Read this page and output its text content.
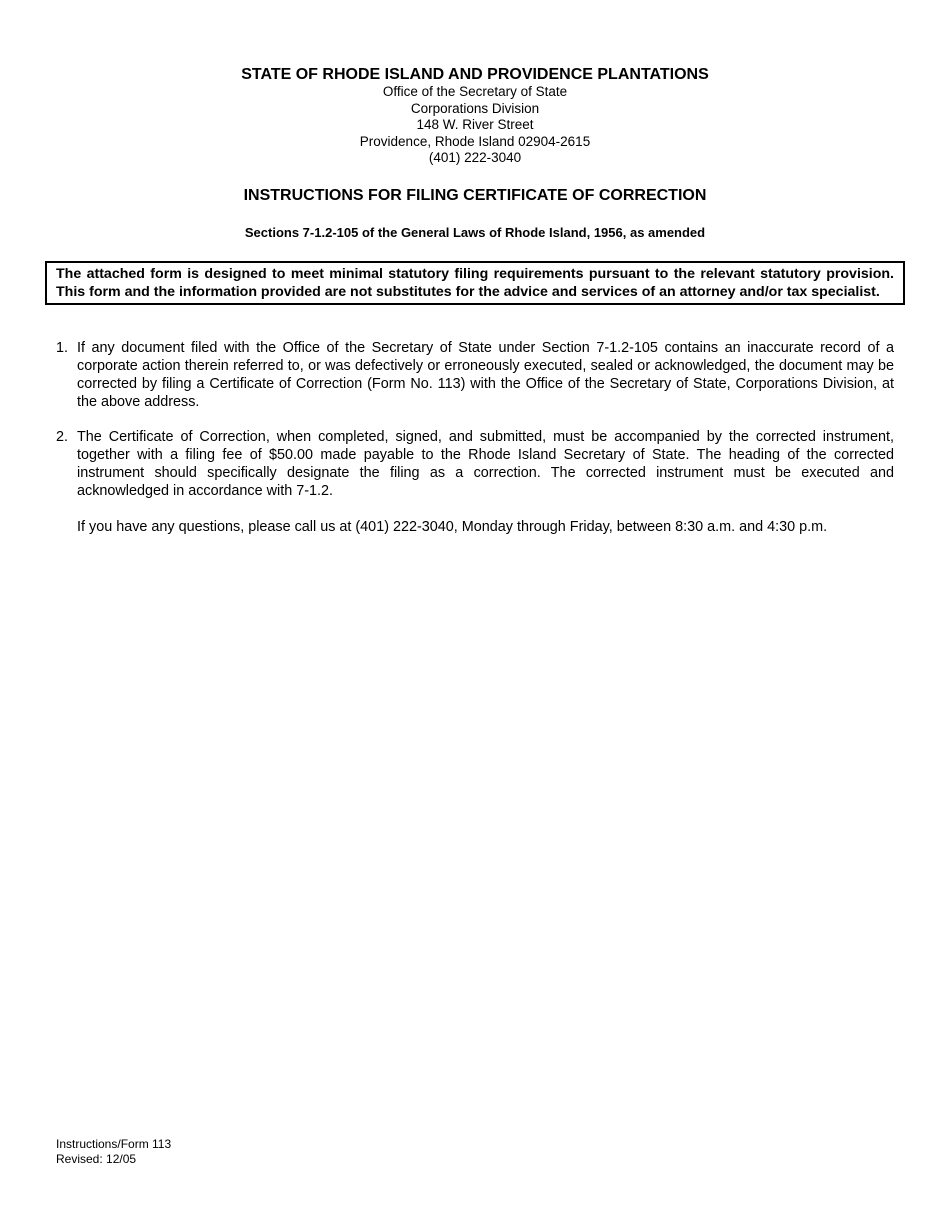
STATE OF RHODE ISLAND AND PROVIDENCE PLANTATIONS
Office of the Secretary of State
Corporations Division
148 W. River Street
Providence, Rhode Island 02904-2615
(401) 222-3040
INSTRUCTIONS FOR FILING CERTIFICATE OF CORRECTION
Sections 7-1.2-105 of the General Laws of Rhode Island, 1956, as amended
The attached form is designed to meet minimal statutory filing requirements pursuant to the relevant statutory provision. This form and the information provided are not substitutes for the advice and services of an attorney and/or tax specialist.
1. If any document filed with the Office of the Secretary of State under Section 7-1.2-105 contains an inaccurate record of a corporate action therein referred to, or was defectively or erroneously executed, sealed or acknowledged, the document may be corrected by filing a Certificate of Correction (Form No. 113) with the Office of the Secretary of State, Corporations Division, at the above address.
2. The Certificate of Correction, when completed, signed, and submitted, must be accompanied by the corrected instrument, together with a filing fee of $50.00 made payable to the Rhode Island Secretary of State. The heading of the corrected instrument should specifically designate the filing as a correction. The corrected instrument must be executed and acknowledged in accordance with 7-1.2.
If you have any questions, please call us at (401) 222-3040, Monday through Friday, between 8:30 a.m. and 4:30 p.m.
Instructions/Form 113
Revised: 12/05
